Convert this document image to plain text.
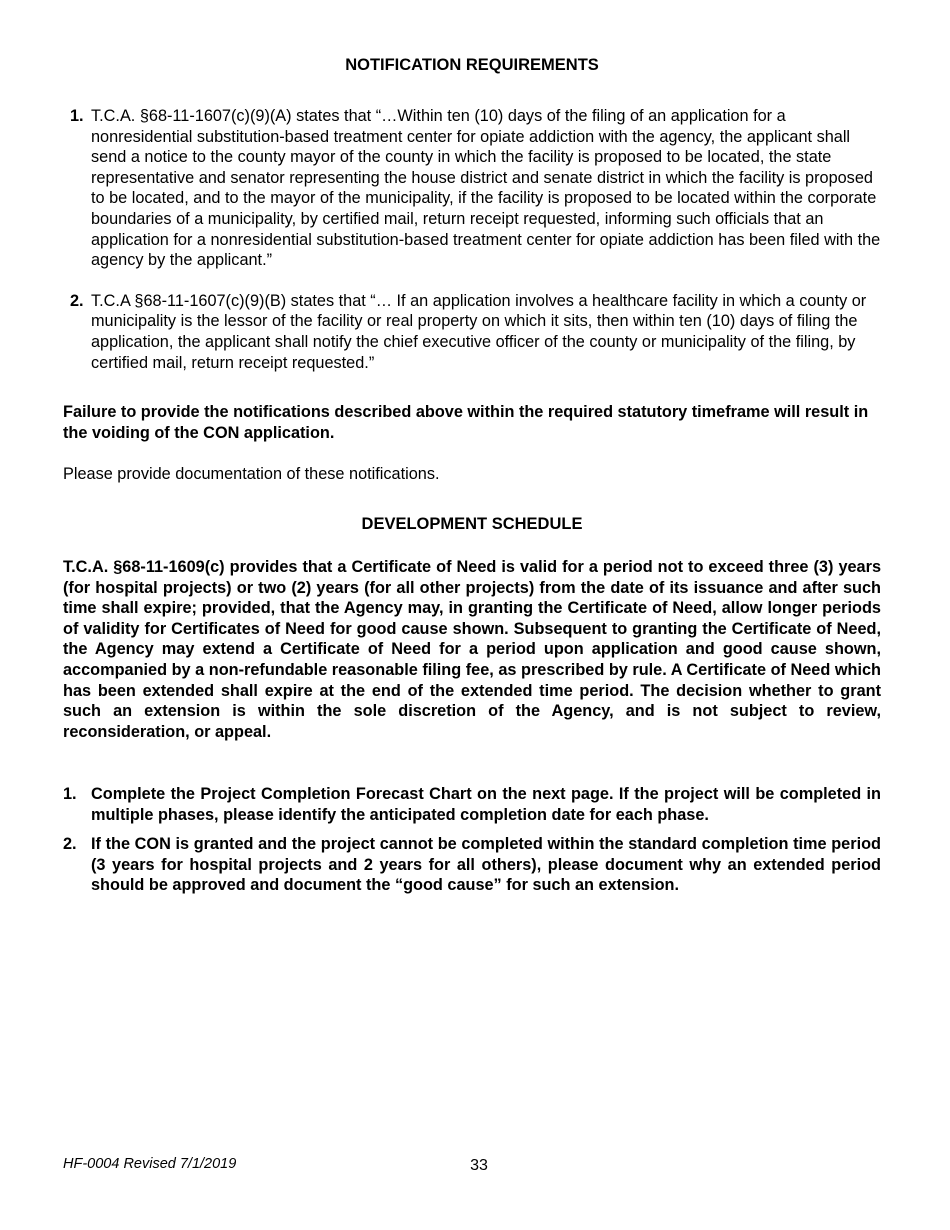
NOTIFICATION REQUIREMENTS
1. T.C.A. §68-11-1607(c)(9)(A) states that “…Within ten (10) days of the filing of an application for a nonresidential substitution-based treatment center for opiate addiction with the agency, the applicant shall send a notice to the county mayor of the county in which the facility is proposed to be located, the state representative and senator representing the house district and senate district in which the facility is proposed to be located, and to the mayor of the municipality, if the facility is proposed to be located within the corporate boundaries of a municipality, by certified mail, return receipt requested, informing such officials that an application for a nonresidential substitution-based treatment center for opiate addiction has been filed with the agency by the applicant.”
2. T.C.A §68-11-1607(c)(9)(B) states that “… If an application involves a healthcare facility in which a county or municipality is the lessor of the facility or real property on which it sits, then within ten (10) days of filing the application, the applicant shall notify the chief executive officer of the county or municipality of the filing, by certified mail, return receipt requested.”

Failure to provide the notifications described above within the required statutory timeframe will result in the voiding of the CON application.

Please provide documentation of these notifications.

DEVELOPMENT SCHEDULE

T.C.A. §68-11-1609(c) provides that a Certificate of Need is valid for a period not to exceed three (3) years (for hospital projects) or two (2) years (for all other projects) from the date of its issuance and after such time shall expire; provided, that the Agency may, in granting the Certificate of Need, allow longer periods of validity for Certificates of Need for good cause shown. Subsequent to granting the Certificate of Need, the Agency may extend a Certificate of Need for a period upon application and good cause shown, accompanied by a non-refundable reasonable filing fee, as prescribed by rule. A Certificate of Need which has been extended shall expire at the end of the extended time period. The decision whether to grant such an extension is within the sole discretion of the Agency, and is not subject to review, reconsideration, or appeal.

1. Complete the Project Completion Forecast Chart on the next page. If the project will be completed in multiple phases, please identify the anticipated completion date for each phase.
2. If the CON is granted and the project cannot be completed within the standard completion time period (3 years for hospital projects and 2 years for all others), please document why an extended period should be approved and document the “good cause” for such an extension.
HF-0004 Revised 7/1/2019	33
